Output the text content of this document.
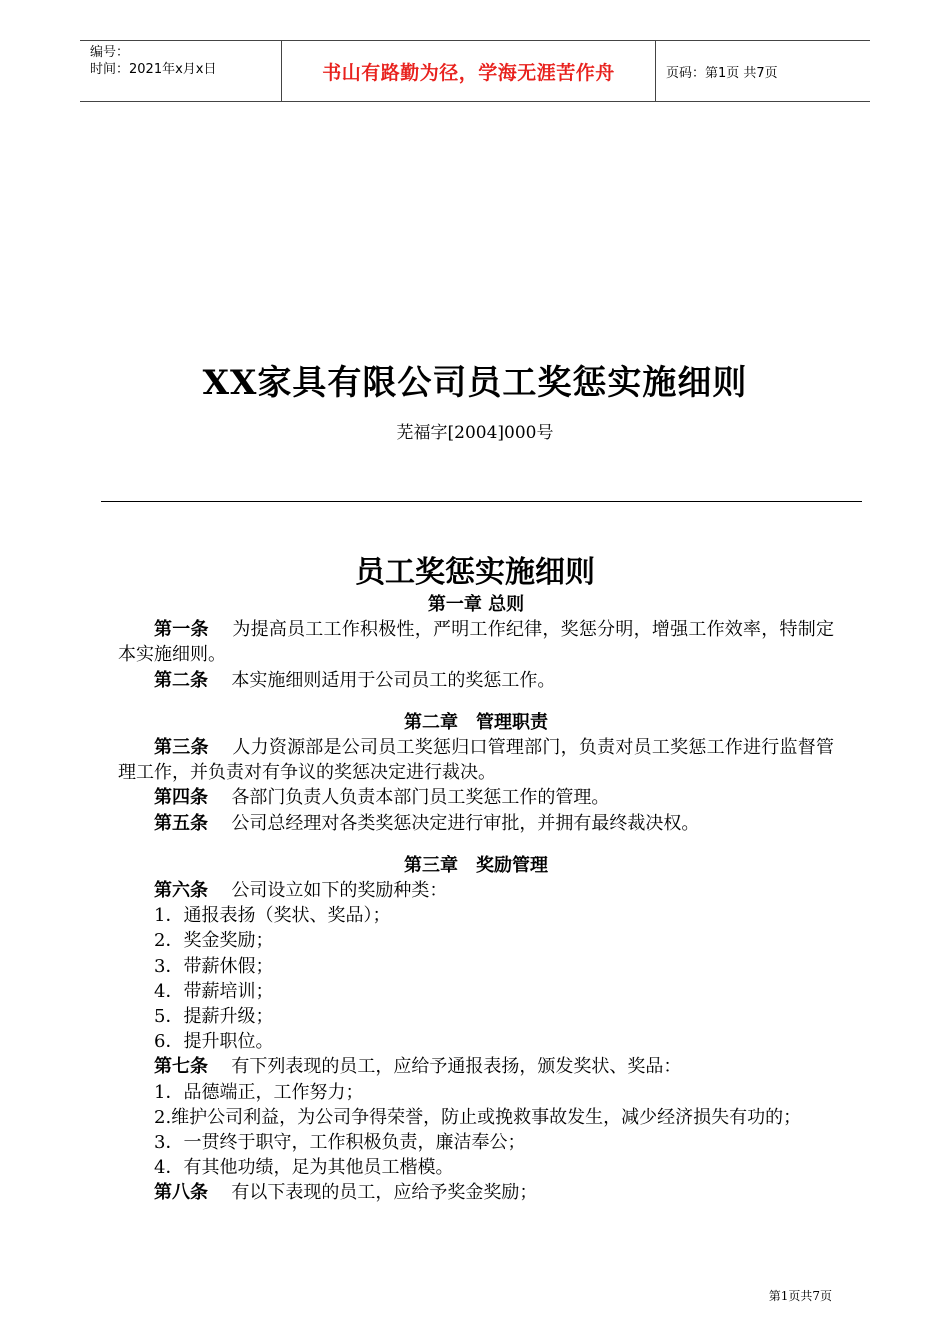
编号：
时间：2021年x月x日	书山有路勤为径，学海无涯苦作舟	页码：第1页 共7页
XX家具有限公司员工奖惩实施细则
芜福字[2004]000号
员工奖惩实施细则
第一章 总则
第一条 为提高员工工作积极性，严明工作纪律，奖惩分明，增强工作效率，特制定本实施细则。
第二条 本实施细则适用于公司员工的奖惩工作。
第二章　管理职责
第三条 人力资源部是公司员工奖惩归口管理部门，负责对员工奖惩工作进行监督管理工作，并负责对有争议的奖惩决定进行裁决。
第四条 各部门负责人负责本部门员工奖惩工作的管理。
第五条 公司总经理对各类奖惩决定进行审批，并拥有最终裁决权。
第三章　奖励管理
第六条 公司设立如下的奖励种类：
1．通报表扬（奖状、奖品）；
2．奖金奖励；
3．带薪休假；
4．带薪培训；
5．提薪升级；
6．提升职位。
第七条 有下列表现的员工，应给予通报表扬，颁发奖状、奖品：
1．品德端正，工作努力；
2.维护公司利益，为公司争得荣誉，防止或挽救事故发生，减少经济损失有功的；
3．一贯终于职守，工作积极负责，廉洁奉公；
4．有其他功绩，足为其他员工楷模。
第八条 有以下表现的员工，应给予奖金奖励；
第1页共7页
